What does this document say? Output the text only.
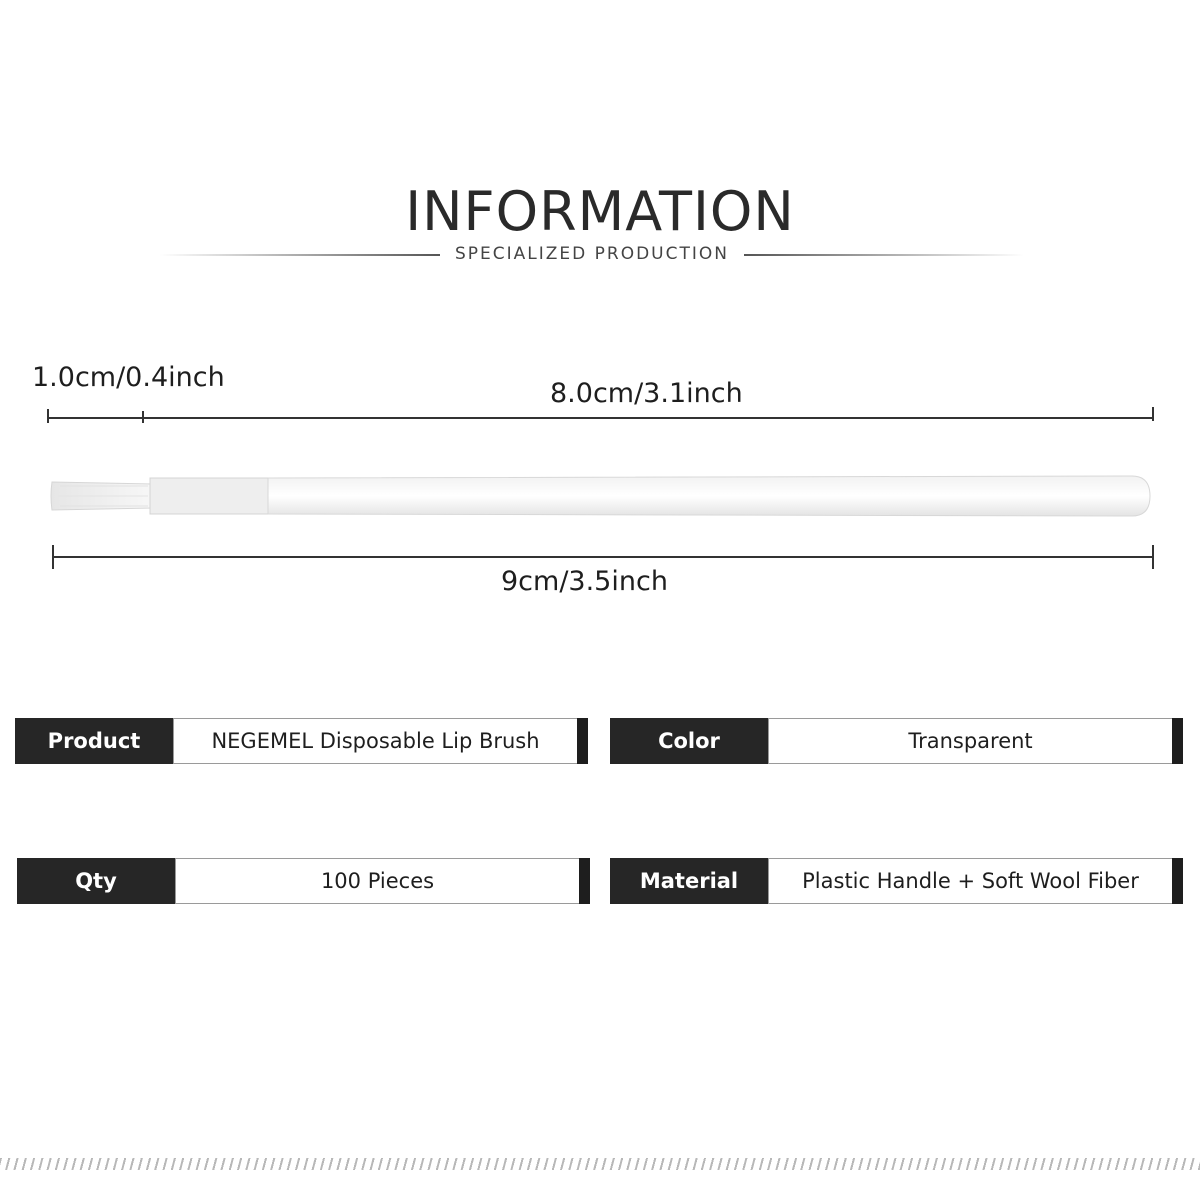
INFORMATION
SPECIALIZED PRODUCTION
1.0cm/0.4inch
8.0cm/3.1inch
9cm/3.5inch
Product	NEGEMEL Disposable Lip Brush	Color	Transparent
Qty	100 Pieces	Material	Plastic Handle + Soft Wool Fiber
